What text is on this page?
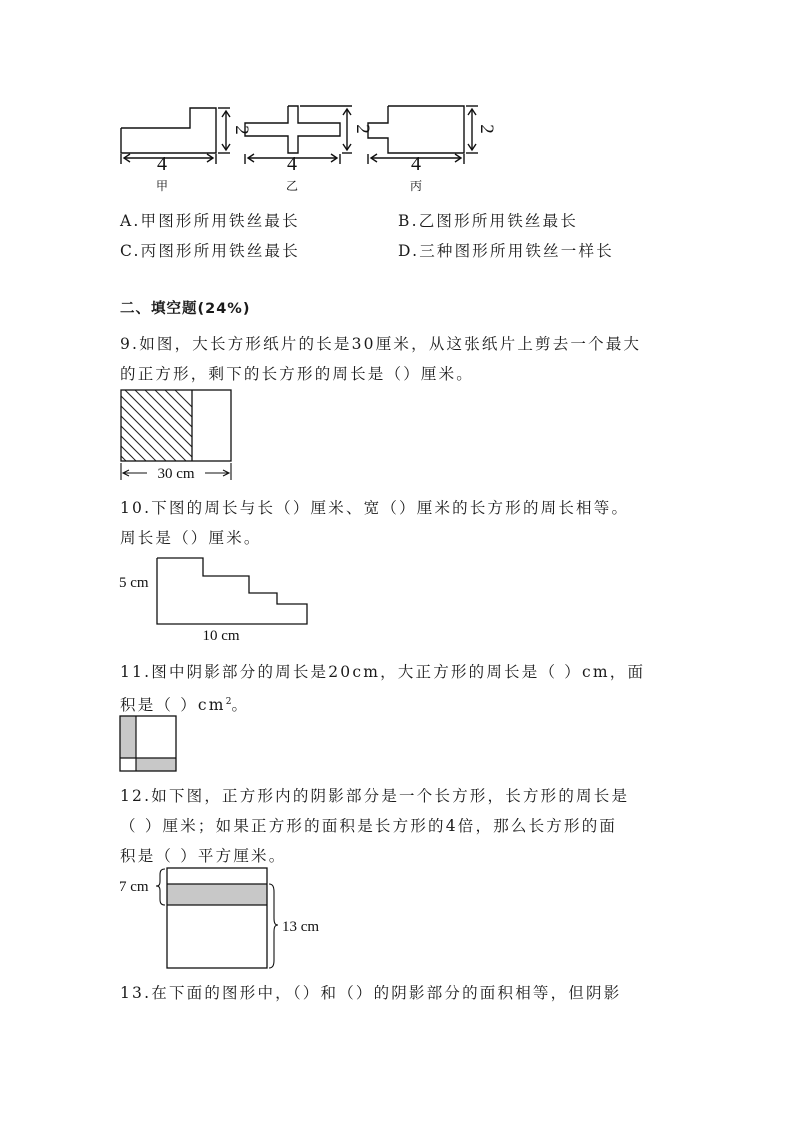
4
2
甲
4
2
乙
4
2
丙
A.甲图形所用铁丝最长	B.乙图形所用铁丝最长
C.丙图形所用铁丝最长	D.三种图形所用铁丝一样长
二、填空题(24%)
9.如图，大长方形纸片的长是30厘米，从这张纸片上剪去一个最大
的正方形，剩下的长方形的周长是（）厘米。
30 cm
10.下图的周长与长（）厘米、宽（）厘米的长方形的周长相等。
周长是（）厘米。
5 cm
10 cm
11.图中阴影部分的周长是20cm，大正方形的周长是（ ）cm，面
积是（ ）$cm^2$。
12.如下图，正方形内的阴影部分是一个长方形，长方形的周长是
（ ）厘米；如果正方形的面积是长方形的4倍，那么长方形的面
积是（ ）平方厘米。
7 cm
13 cm
13.在下面的图形中，（）和（）的阴影部分的面积相等，但阴影
